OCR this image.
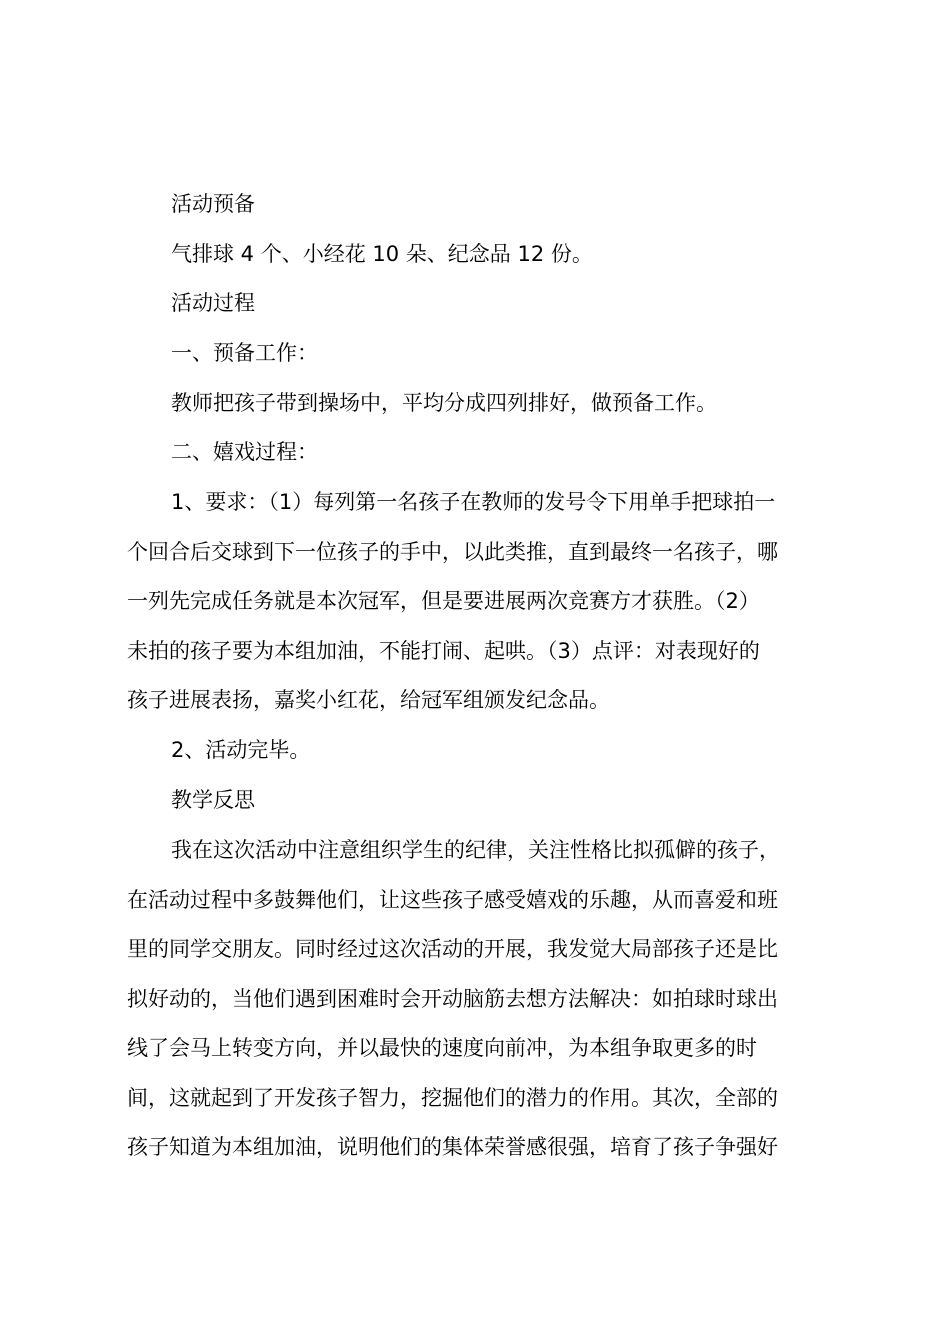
活动预备
气排球 4 个、小经花 10 朵、纪念品 12 份。
活动过程
一、预备工作：
教师把孩子带到操场中，平均分成四列排好，做预备工作。
二、嬉戏过程：
1、要求：（1）每列第一名孩子在教师的发号令下用单手把球拍一
个回合后交球到下一位孩子的手中，以此类推，直到最终一名孩子，哪
一列先完成任务就是本次冠军，但是要进展两次竞赛方才获胜。（2）
未拍的孩子要为本组加油，不能打闹、起哄。（3）点评：对表现好的
孩子进展表扬，嘉奖小红花，给冠军组颁发纪念品。
2、活动完毕。
教学反思
我在这次活动中注意组织学生的纪律，关注性格比拟孤僻的孩子，
在活动过程中多鼓舞他们，让这些孩子感受嬉戏的乐趣，从而喜爱和班
里的同学交朋友。同时经过这次活动的开展，我发觉大局部孩子还是比
拟好动的，当他们遇到困难时会开动脑筋去想方法解决：如拍球时球出
线了会马上转变方向，并以最快的速度向前冲，为本组争取更多的时
间，这就起到了开发孩子智力，挖掘他们的潜力的作用。其次，全部的
孩子知道为本组加油，说明他们的集体荣誉感很强，培育了孩子争强好
